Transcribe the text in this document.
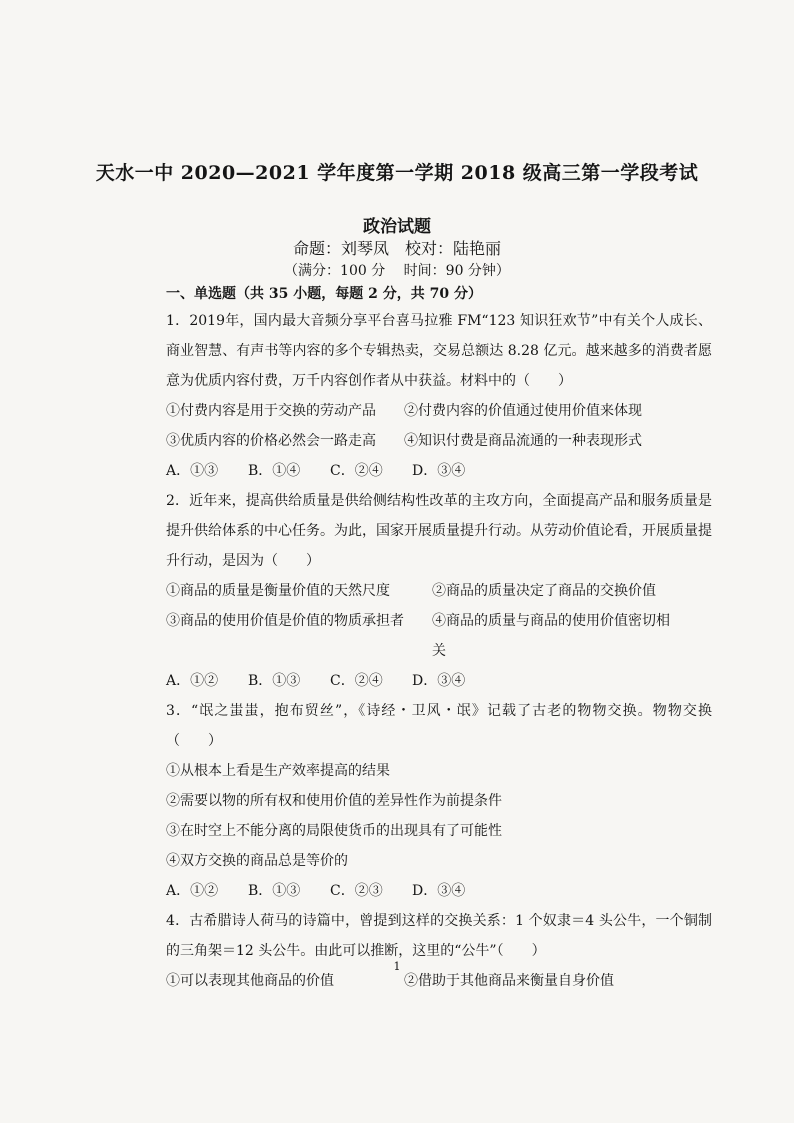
天水一中 2020—2021 学年度第一学期 2018 级高三第一学段考试
政治试题
命题：刘琴凤　校对：陆艳丽
（满分：100 分　 时间：90 分钟）
一、单选题（共 35 小题，每题 2 分，共 70 分）
1．2019年，国内最大音频分享平台喜马拉雅 FM“123 知识狂欢节”中有关个人成长、商业智慧、有声书等内容的多个专辑热卖，交易总额达 8.28 亿元。越来越多的消费者愿意为优质内容付费，万千内容创作者从中获益。材料中的（　　）
①付费内容是用于交换的劳动产品	②付费内容的价值通过使用价值来体现
③优质内容的价格必然会一路走高	④知识付费是商品流通的一种表现形式
A．①③	B．①④	C．②④	D．③④
2．近年来，提高供给质量是供给侧结构性改革的主攻方向，全面提高产品和服务质量是提升供给体系的中心任务。为此，国家开展质量提升行动。从劳动价值论看，开展质量提升行动，是因为（　　）
①商品的质量是衡量价值的天然尺度	②商品的质量决定了商品的交换价值
③商品的使用价值是价值的物质承担者	④商品的质量与商品的使用价值密切相关
A．①②	B．①③	C．②④	D．③④
3．“氓之蚩蚩，抱布贸丝”，《诗经・卫风・氓》记载了古老的物物交换。物物交换（　　）
①从根本上看是生产效率提高的结果
②需要以物的所有权和使用价值的差异性作为前提条件
③在时空上不能分离的局限使货币的出现具有了可能性
④双方交换的商品总是等价的
A．①②	B．①③	C．②③	D．③④
4．古希腊诗人荷马的诗篇中，曾提到这样的交换关系：1 个奴隶＝4 头公牛，一个铜制的三角架＝12 头公牛。由此可以推断，这里的“公牛”（　　）
①可以表现其他商品的价值	②借助于其他商品来衡量自身价值
1
